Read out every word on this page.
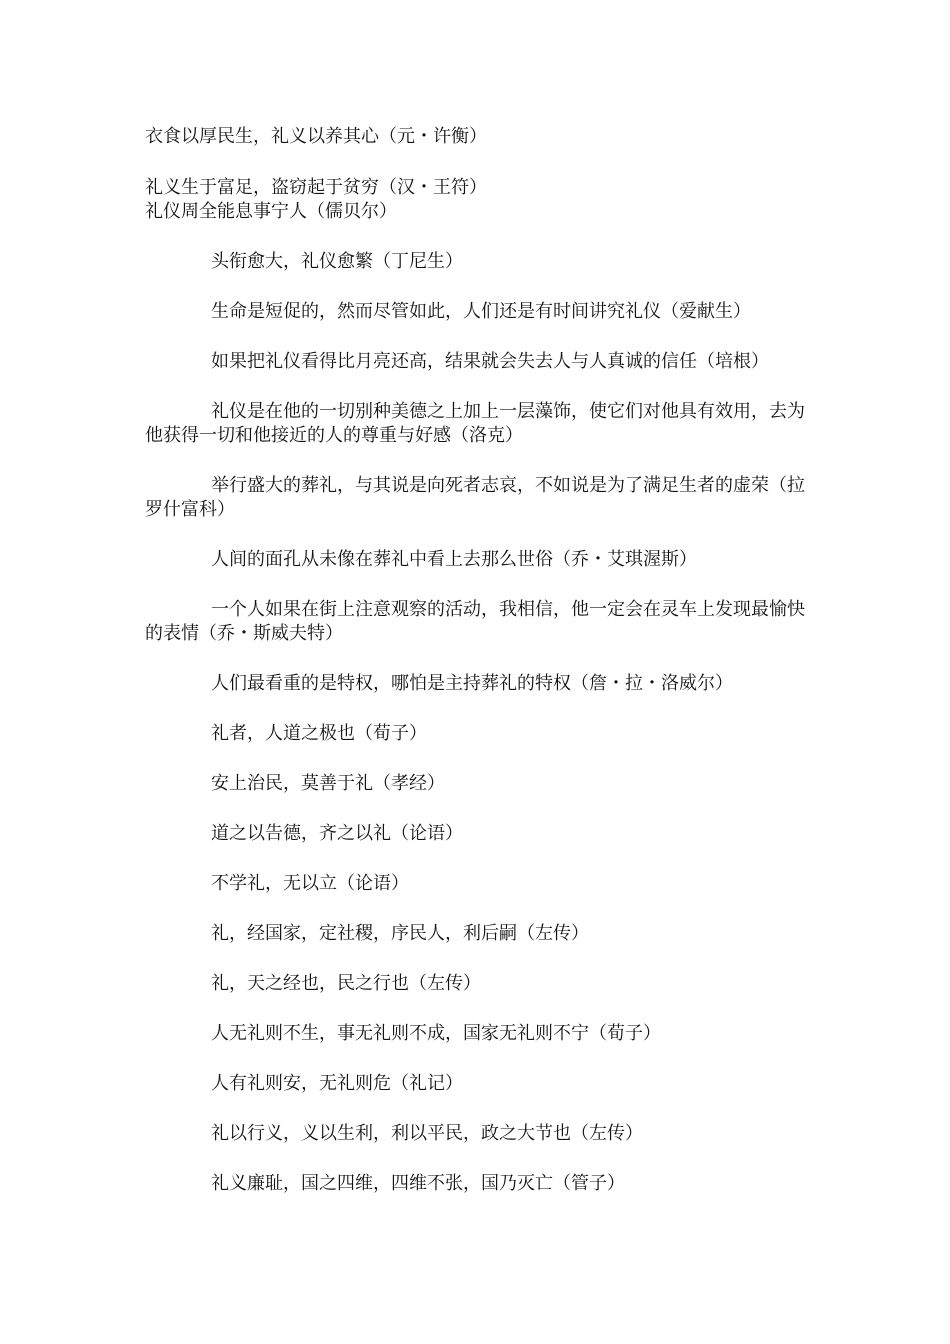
衣食以厚民生，礼义以养其心（元・许衡）

礼义生于富足，盗窃起于贫穷（汉・王符）

礼仪周全能息事宁人（儒贝尔）

头衔愈大，礼仪愈繁（丁尼生）

生命是短促的，然而尽管如此，人们还是有时间讲究礼仪（爱献生）

如果把礼仪看得比月亮还高，结果就会失去人与人真诚的信任（培根）

礼仪是在他的一切别种美德之上加上一层藻饰，使它们对他具有效用，去为他获得一切和他接近的人的尊重与好感（洛克）

举行盛大的葬礼，与其说是向死者志哀，不如说是为了满足生者的虚荣（拉罗什富科）

人间的面孔从未像在葬礼中看上去那么世俗（乔・艾琪渥斯）

一个人如果在街上注意观察的活动，我相信，他一定会在灵车上发现最愉快的表情（乔・斯威夫特）

人们最看重的是特权，哪怕是主持葬礼的特权（詹・拉・洛威尔）

礼者，人道之极也（荀子）

安上治民，莫善于礼（孝经）

道之以告德，齐之以礼（论语）

不学礼，无以立（论语）

礼，经国家，定社稷，序民人，利后嗣（左传）

礼，天之经也，民之行也（左传）

人无礼则不生，事无礼则不成，国家无礼则不宁（荀子）

人有礼则安，无礼则危（礼记）

礼以行义，义以生利，利以平民，政之大节也（左传）

礼义廉耻，国之四维，四维不张，国乃灭亡（管子）
